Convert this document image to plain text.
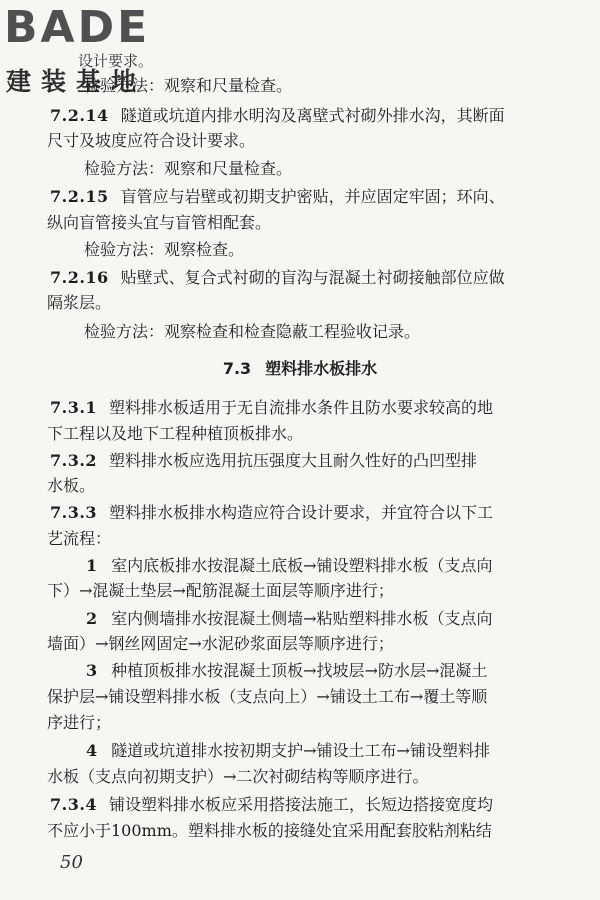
BADE
建装基地
设计要求。
检验方法：观察和尺量检查。
7.2.14 隧道或坑道内排水明沟及离壁式衬砌外排水沟，其断面
尺寸及坡度应符合设计要求。
检验方法：观察和尺量检查。
7.2.15 盲管应与岩壁或初期支护密贴，并应固定牢固；环向、
纵向盲管接头宜与盲管相配套。
检验方法：观察检查。
7.2.16 贴壁式、复合式衬砌的盲沟与混凝土衬砌接触部位应做
隔浆层。
检验方法：观察检查和检查隐蔽工程验收记录。
7.3 塑料排水板排水
7.3.1 塑料排水板适用于无自流排水条件且防水要求较高的地
下工程以及地下工程种植顶板排水。
7.3.2 塑料排水板应选用抗压强度大且耐久性好的凸凹型排
水板。
7.3.3 塑料排水板排水构造应符合设计要求，并宜符合以下工
艺流程：
1 室内底板排水按混凝土底板→铺设塑料排水板（支点向
下）→混凝土垫层→配筋混凝土面层等顺序进行；
2 室内侧墙排水按混凝土侧墙→粘贴塑料排水板（支点向
墙面）→钢丝网固定→水泥砂浆面层等顺序进行；
3 种植顶板排水按混凝土顶板→找坡层→防水层→混凝土
保护层→铺设塑料排水板（支点向上）→铺设土工布→覆土等顺
序进行；
4 隧道或坑道排水按初期支护→铺设土工布→铺设塑料排
水板（支点向初期支护）→二次衬砌结构等顺序进行。
7.3.4 铺设塑料排水板应采用搭接法施工，长短边搭接宽度均
不应小于100mm。塑料排水板的接缝处宜采用配套胶粘剂粘结
50
